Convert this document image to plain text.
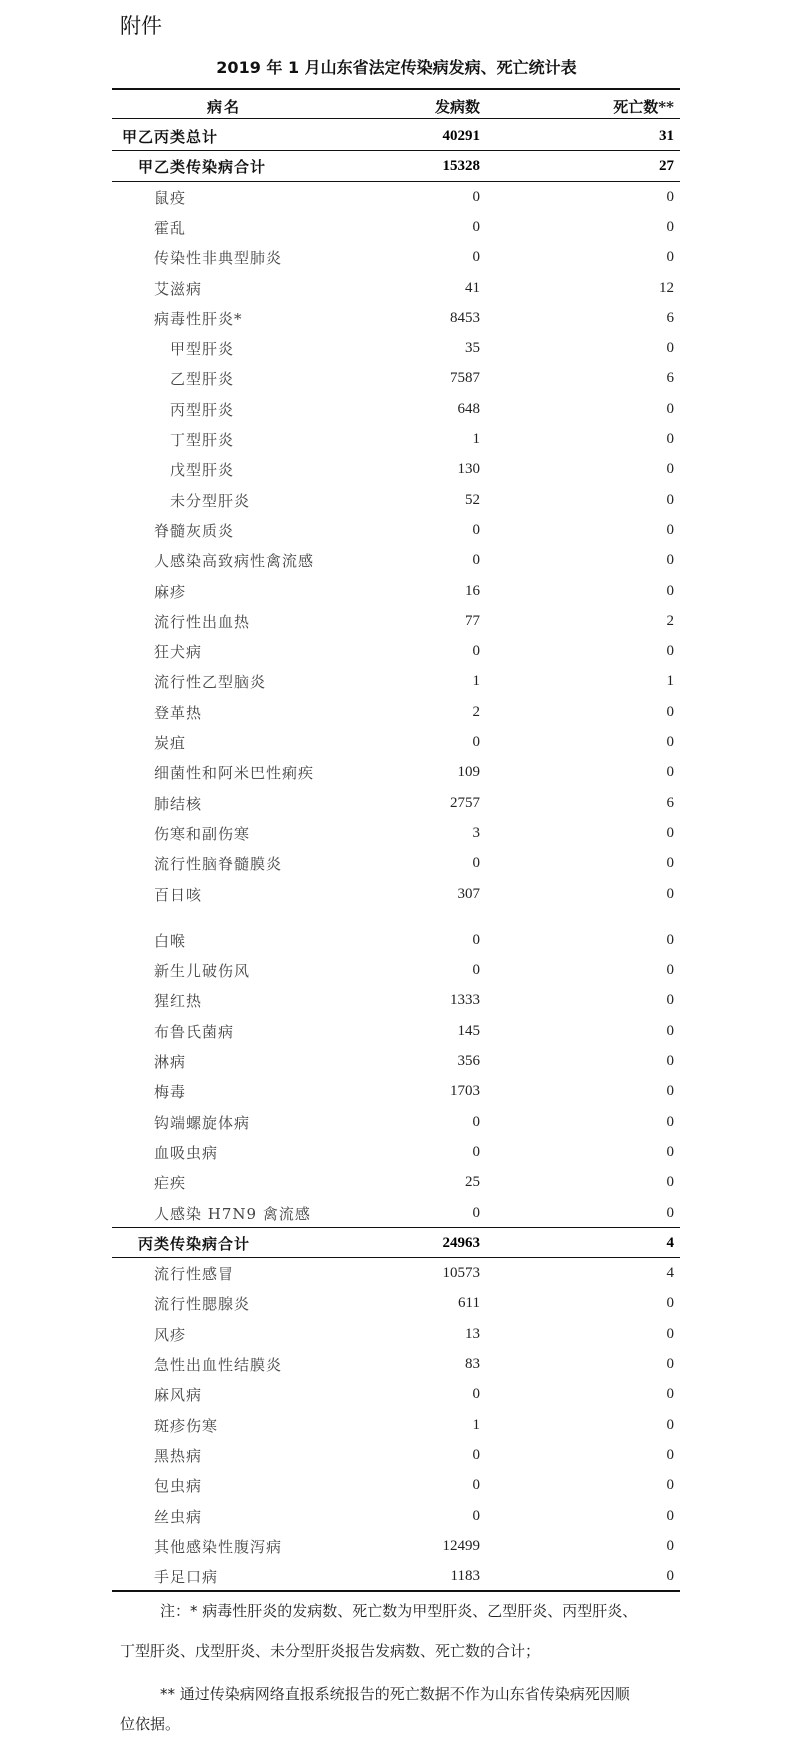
附件
2019 年 1 月山东省法定传染病发病、死亡统计表
病名	发病数	死亡数**
甲乙丙类总计	40291	31
甲乙类传染病合计	15328	27
鼠疫	0	0
霍乱	0	0
传染性非典型肺炎	0	0
艾滋病	41	12
病毒性肝炎*	8453	6
甲型肝炎	35	0
乙型肝炎	7587	6
丙型肝炎	648	0
丁型肝炎	1	0
戊型肝炎	130	0
未分型肝炎	52	0
脊髓灰质炎	0	0
人感染高致病性禽流感	0	0
麻疹	16	0
流行性出血热	77	2
狂犬病	0	0
流行性乙型脑炎	1	1
登革热	2	0
炭疽	0	0
细菌性和阿米巴性痢疾	109	0
肺结核	2757	6
伤寒和副伤寒	3	0
流行性脑脊髓膜炎	0	0
百日咳	307	0
白喉	0	0
新生儿破伤风	0	0
猩红热	1333	0
布鲁氏菌病	145	0
淋病	356	0
梅毒	1703	0
钩端螺旋体病	0	0
血吸虫病	0	0
疟疾	25	0
人感染 H7N9 禽流感	0	0
丙类传染病合计	24963	4
流行性感冒	10573	4
流行性腮腺炎	611	0
风疹	13	0
急性出血性结膜炎	83	0
麻风病	0	0
斑疹伤寒	1	0
黑热病	0	0
包虫病	0	0
丝虫病	0	0
其他感染性腹泻病	12499	0
手足口病	1183	0
注：* 病毒性肝炎的发病数、死亡数为甲型肝炎、乙型肝炎、丙型肝炎、
丁型肝炎、戊型肝炎、未分型肝炎报告发病数、死亡数的合计；
** 通过传染病网络直报系统报告的死亡数据不作为山东省传染病死因顺
位依据。
